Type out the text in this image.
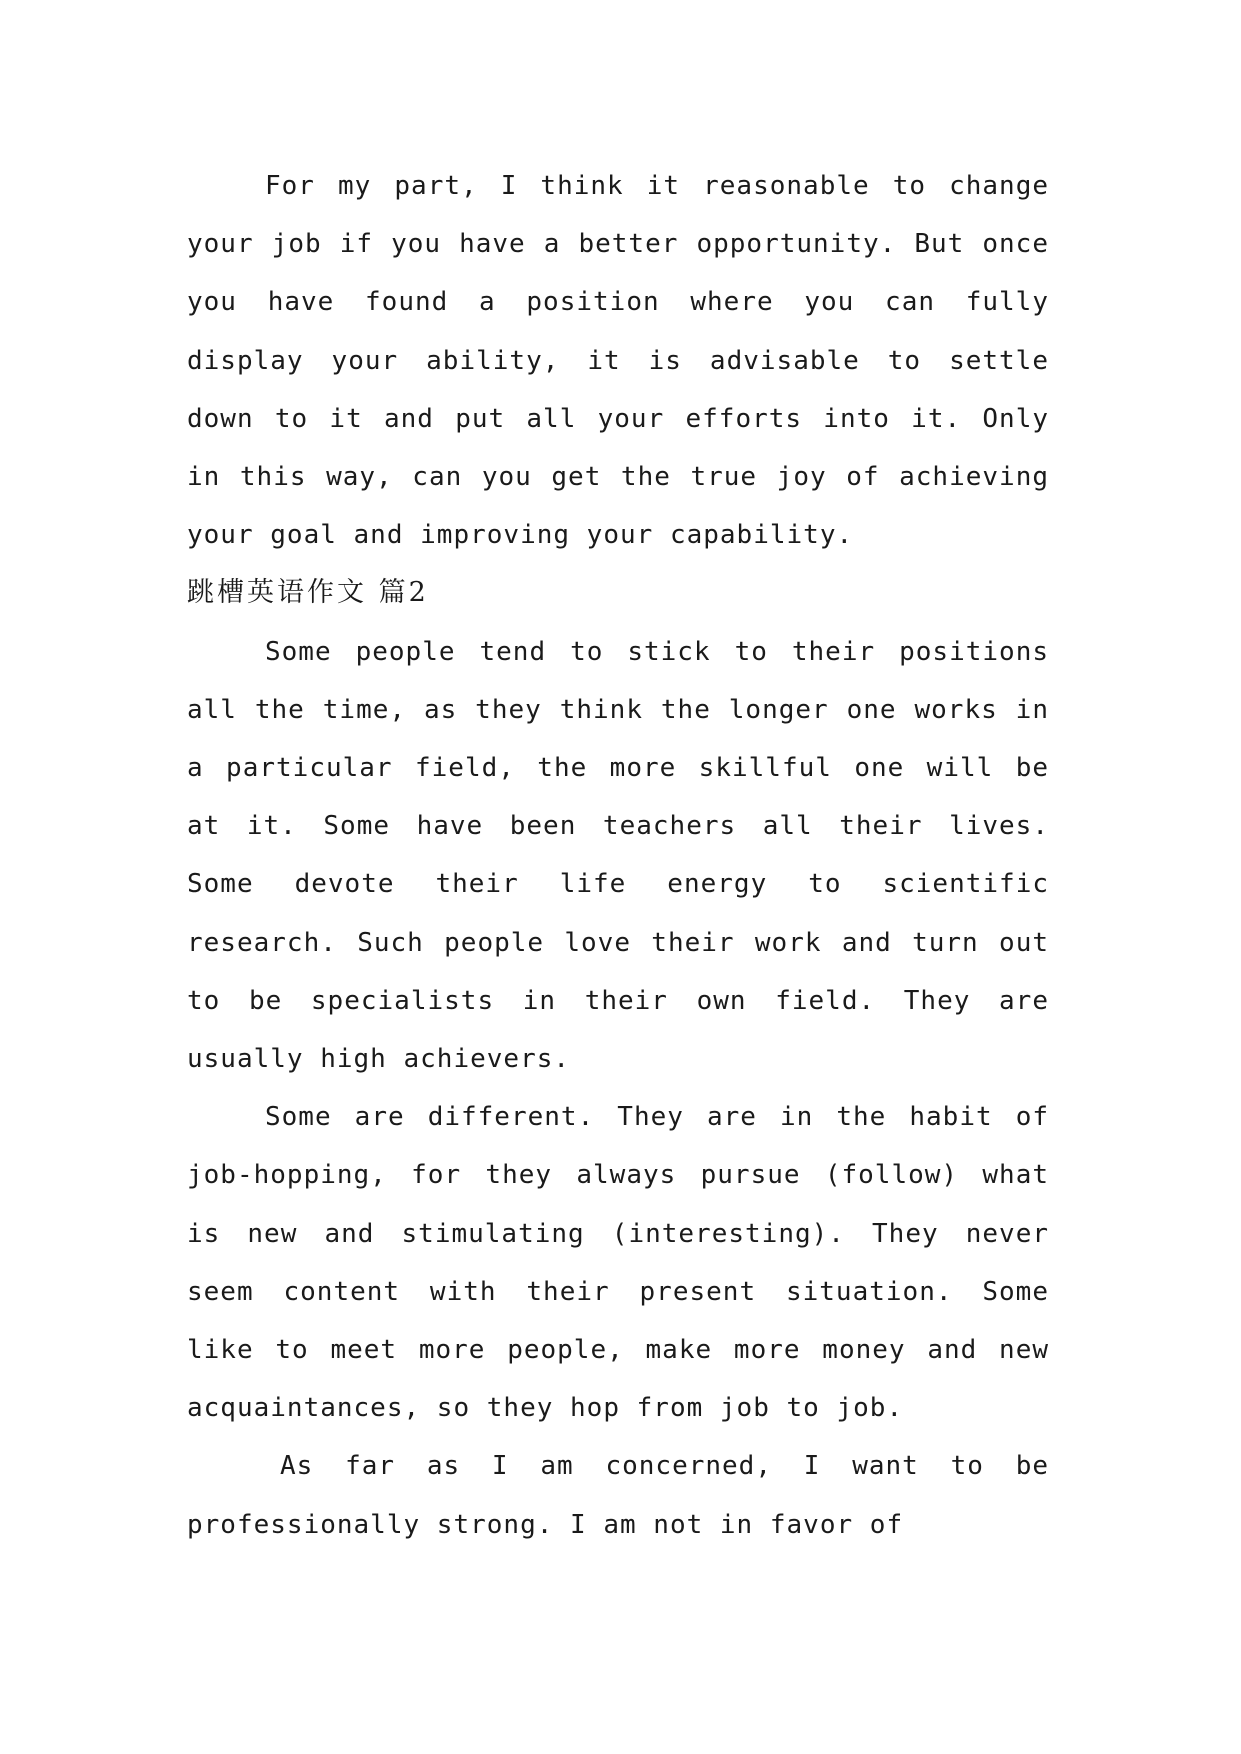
For my part, I think it reasonable to change your job if you have a better opportunity. But once you have found a position where you can fully display your ability, it is advisable to settle down to it and put all your efforts into it. Only in this way, can you get the true joy of achieving your goal and improving your capability.

跳槽英语作文 篇2

Some people tend to stick to their positions all the time, as they think the longer one works in a particular field, the more skillful one will be at it. Some have been teachers all their lives. Some devote their life energy to scientific research. Such people love their work and turn out to be specialists in their own field. They are usually high achievers.

Some are different. They are in the habit of job-hopping, for they always pursue (follow) what is new and stimulating (interesting). They never seem content with their present situation. Some like to meet more people, make more money and new acquaintances, so they hop from job to job.

As far as I am concerned, I want to be professionally strong. I am not in favor of
